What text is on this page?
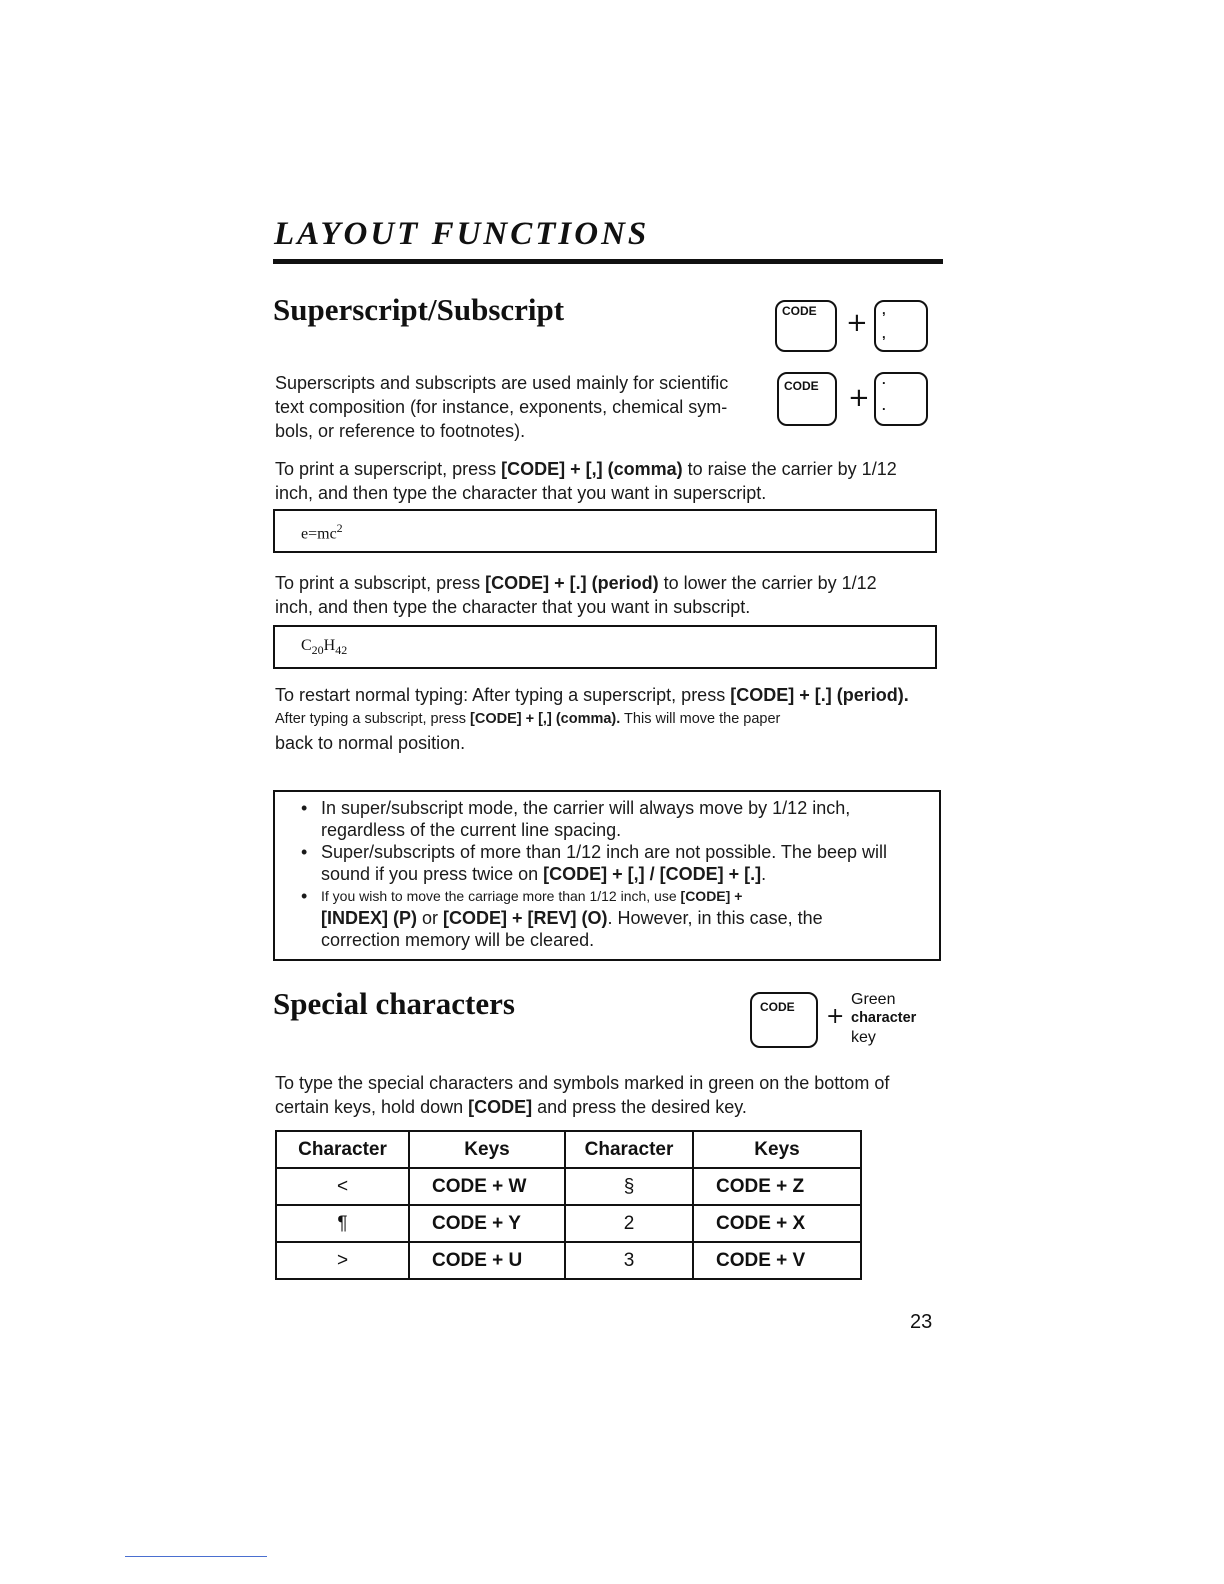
LAYOUT FUNCTIONS
Superscript/Subscript	CODE + ,
,
CODE +
.
.
Superscripts and subscripts are used mainly for scientific
text composition (for instance, exponents, chemical sym-
bols, or reference to footnotes).
To print a superscript, press [CODE] + [,] (comma) to raise the carrier by 1/12
inch, and then type the character that you want in superscript.
$e=mc^2$
To print a subscript, press [CODE] + [.] (period) to lower the carrier by 1/12
inch, and then type the character that you want in subscript.
$C_{20}H_{42}$
To restart normal typing: After typing a superscript, press [CODE] + [.] (period).
After typing a subscript, press [CODE] + [,] (comma). This will move the paper
back to normal position.
• In super/subscript mode, the carrier will always move by 1/12 inch,
regardless of the current line spacing.
• Super/subscripts of more than 1/12 inch are not possible. The beep will
sound if you press twice on [CODE] + [,] / [CODE] + [.].
• If you wish to move the carriage more than 1/12 inch, use [CODE] +
[INDEX] (P) or [CODE] + [REV] (O). However, in this case, the
correction memory will be cleared.
Special characters	CODE +
Green
character
key
To type the special characters and symbols marked in green on the bottom of
certain keys, hold down [CODE] and press the desired key.
Character	Keys	Character	Keys
<	CODE + W	§	CODE + Z
¶	CODE + Y	2	CODE + X
>	CODE + U	3	CODE + V
23
